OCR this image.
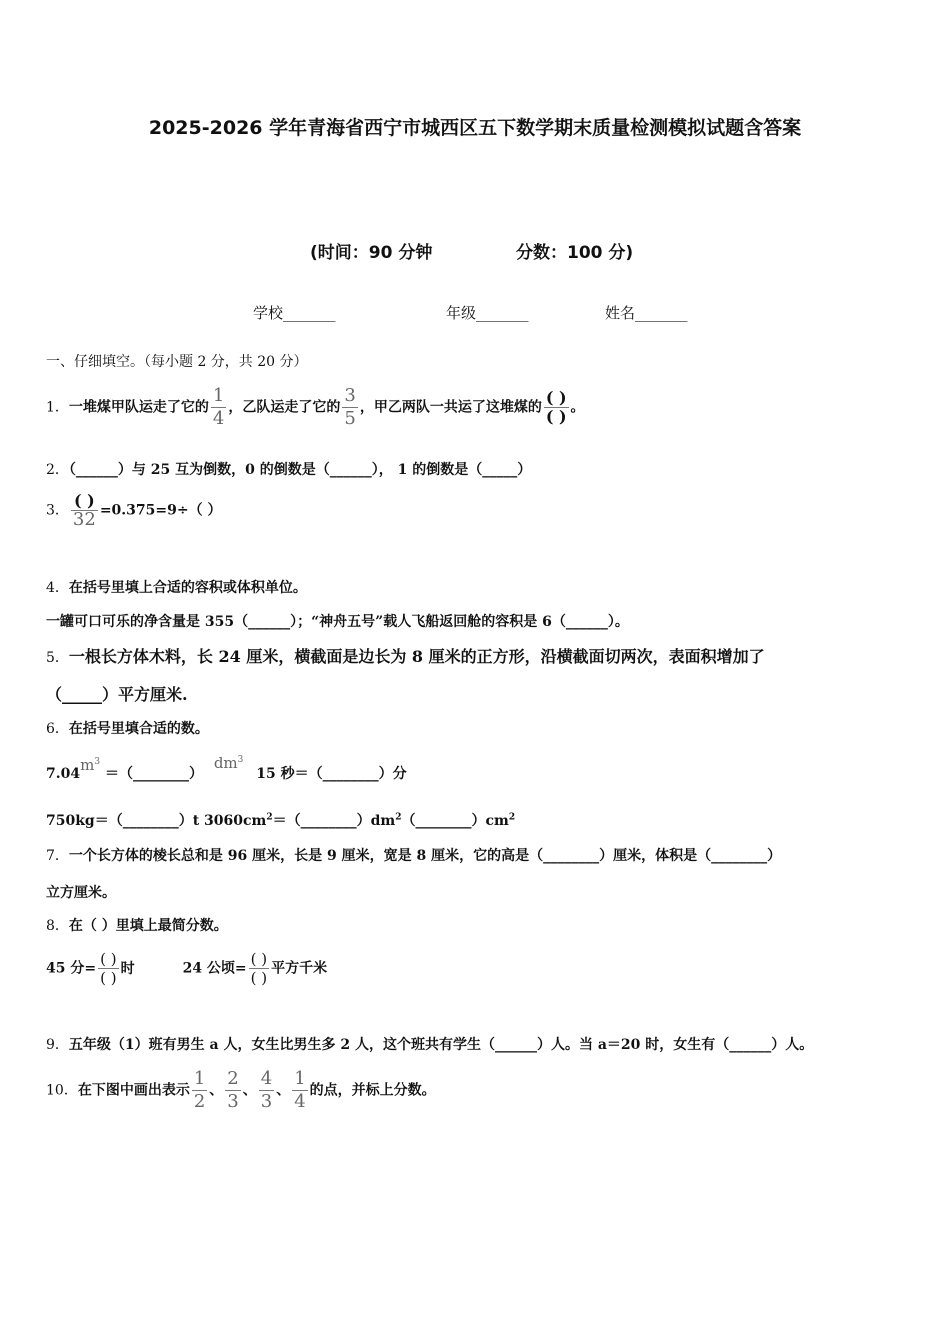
2025-2026 学年青海省西宁市城西区五下数学期末质量检测模拟试题含答案
(时间：90 分钟	分数：100 分)
学校_______	年级_______	姓名_______
一、仔细填空。（每小题 2 分，共 20 分）
1．一堆煤甲队运走了它的 $\frac{1}{4}$ ，乙队运走了它的 $\frac{3}{5}$ ，甲乙两队一共运了这堆煤的 $\frac{( )}{( )}$ 。
2．（______）与 25 互为倒数，0 的倒数是（______）， 1 的倒数是（_____）
3． $\frac{( )}{32} =0.375=9\div$（ ）
4．在括号里填上合适的容积或体积单位。
一罐可口可乐的净含量是 355（______）；“神舟五号”载人飞船返回舱的容积是 6（______）。
5．一根长方体木料，长 24 厘米，横截面是边长为 8 厘米的正方形，沿横截面切两次，表面积增加了
（_____）平方厘米.
6．在括号里填合适的数。
$7.04m^3$ ＝（________） $dm^3$ 15 秒＝（________）分
750kg＝（________）t $3060cm^2=(\_\_\_\_\_\_\_\_)dm^2(\_\_\_\_\_\_\_\_)cm^2$
7．一个长方体的棱长总和是 96 厘米，长是 9 厘米，宽是 8 厘米，它的高是（________）厘米，体积是（________）
立方厘米。
8．在（ ）里填上最简分数。
45 分= $\frac{( )}{( )}$ 时	24 公顷= $\frac{( )}{( )}$ 平方千米
9．五年级（1）班有男生 a 人，女生比男生多 2 人，这个班共有学生（______）人。当 a＝20 时，女生有（______）人。
10．在下图中画出表示 $\frac{1}{2}$ 、 $\frac{2}{3}$ 、 $\frac{4}{3}$ 、 $\frac{1}{4}$ 的点，并标上分数。
